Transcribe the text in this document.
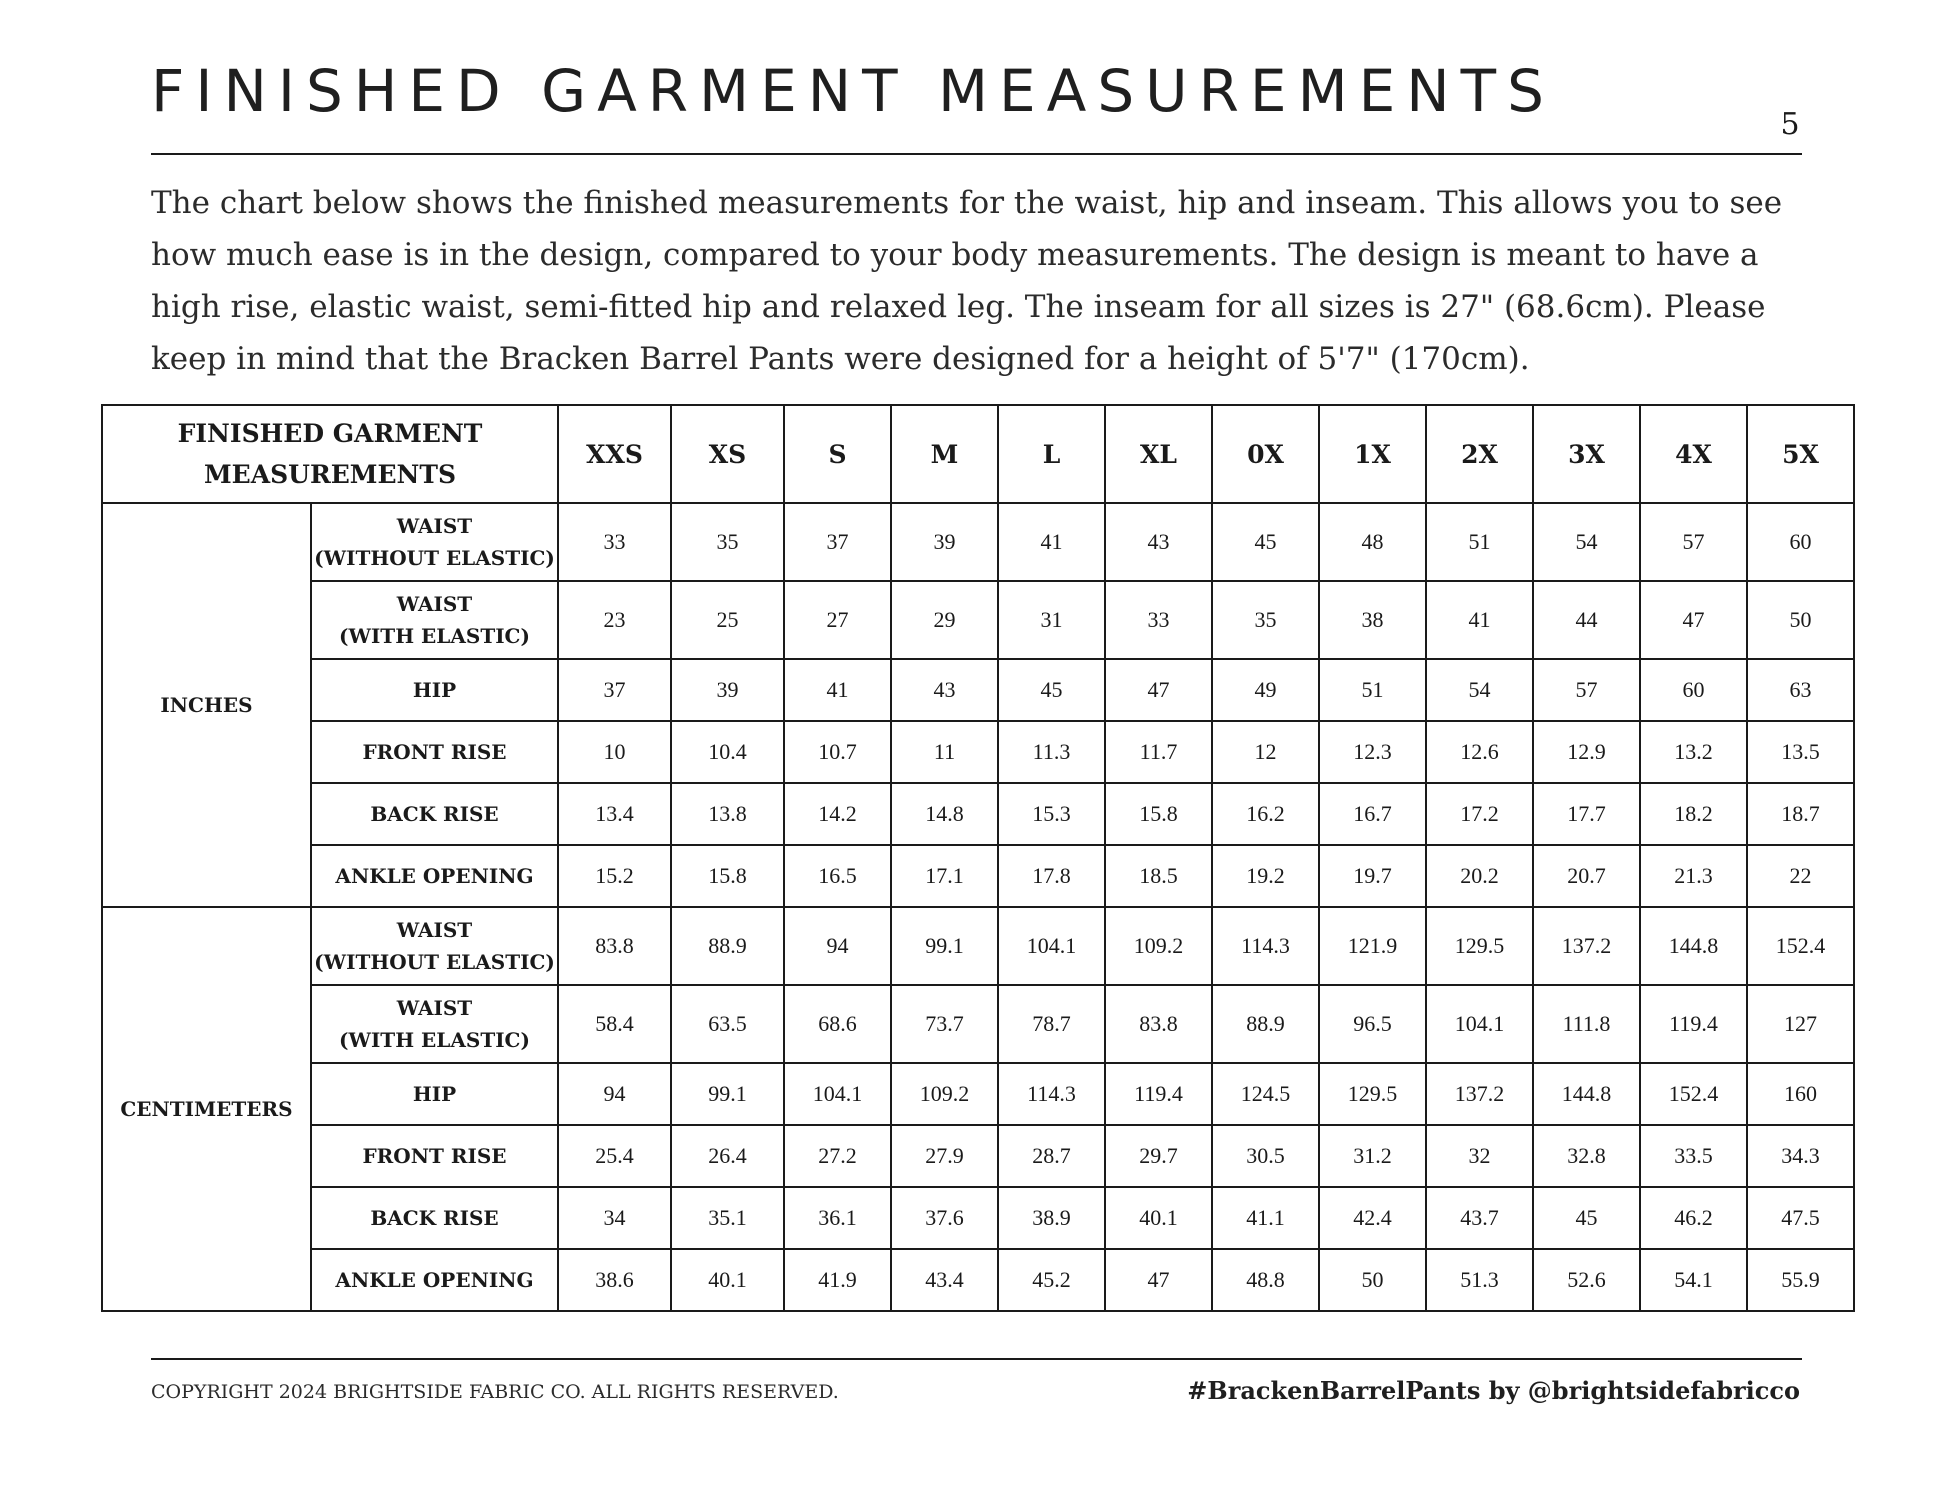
FINISHED GARMENT MEASUREMENTS	5

The chart below shows the finished measurements for the waist, hip and inseam. This allows you to see how much ease is in the design, compared to your body measurements. The design is meant to have a high rise, elastic waist, semi-fitted hip and relaxed leg. The inseam for all sizes is 27" (68.6cm). Please keep in mind that the Bracken Barrel Pants were designed for a height of 5'7" (170cm).

FINISHED GARMENT
MEASUREMENTS		XXS	XS	S	M	L	XL	0X	1X	2X	3X	4X	5X
INCHES	WAIST
(WITHOUT ELASTIC)	33	35	37	39	41	43	45	48	51	54	57	60

	WAIST
(WITH ELASTIC)	23	25	27	29	31	33	35	38	41	44	47	50

	HIP	37	39	41	43	45	47	49	51	54	57	60	63

	FRONT RISE	10	10.4	10.7	11	11.3	11.7	12	12.3	12.6	12.9	13.2	13.5

	BACK RISE	13.4	13.8	14.2	14.8	15.3	15.8	16.2	16.7	17.2	17.7	18.2	18.7

	ANKLE OPENING	15.2	15.8	16.5	17.1	17.8	18.5	19.2	19.7	20.2	20.7	21.3	22
CENTIMETERS	WAIST
(WITHOUT ELASTIC)	83.8	88.9	94	99.1	104.1	109.2	114.3	121.9	129.5	137.2	144.8	152.4

	WAIST
(WITH ELASTIC)	58.4	63.5	68.6	73.7	78.7	83.8	88.9	96.5	104.1	111.8	119.4	127

	HIP	94	99.1	104.1	109.2	114.3	119.4	124.5	129.5	137.2	144.8	152.4	160

	FRONT RISE	25.4	26.4	27.2	27.9	28.7	29.7	30.5	31.2	32	32.8	33.5	34.3

	BACK RISE	34	35.1	36.1	37.6	38.9	40.1	41.1	42.4	43.7	45	46.2	47.5

	ANKLE OPENING	38.6	40.1	41.9	43.4	45.2	47	48.8	50	51.3	52.6	54.1	55.9
COPYRIGHT 2024 BRIGHTSIDE FABRIC CO. ALL RIGHTS RESERVED.	#BrackenBarrelPants by @brightsidefabricco
